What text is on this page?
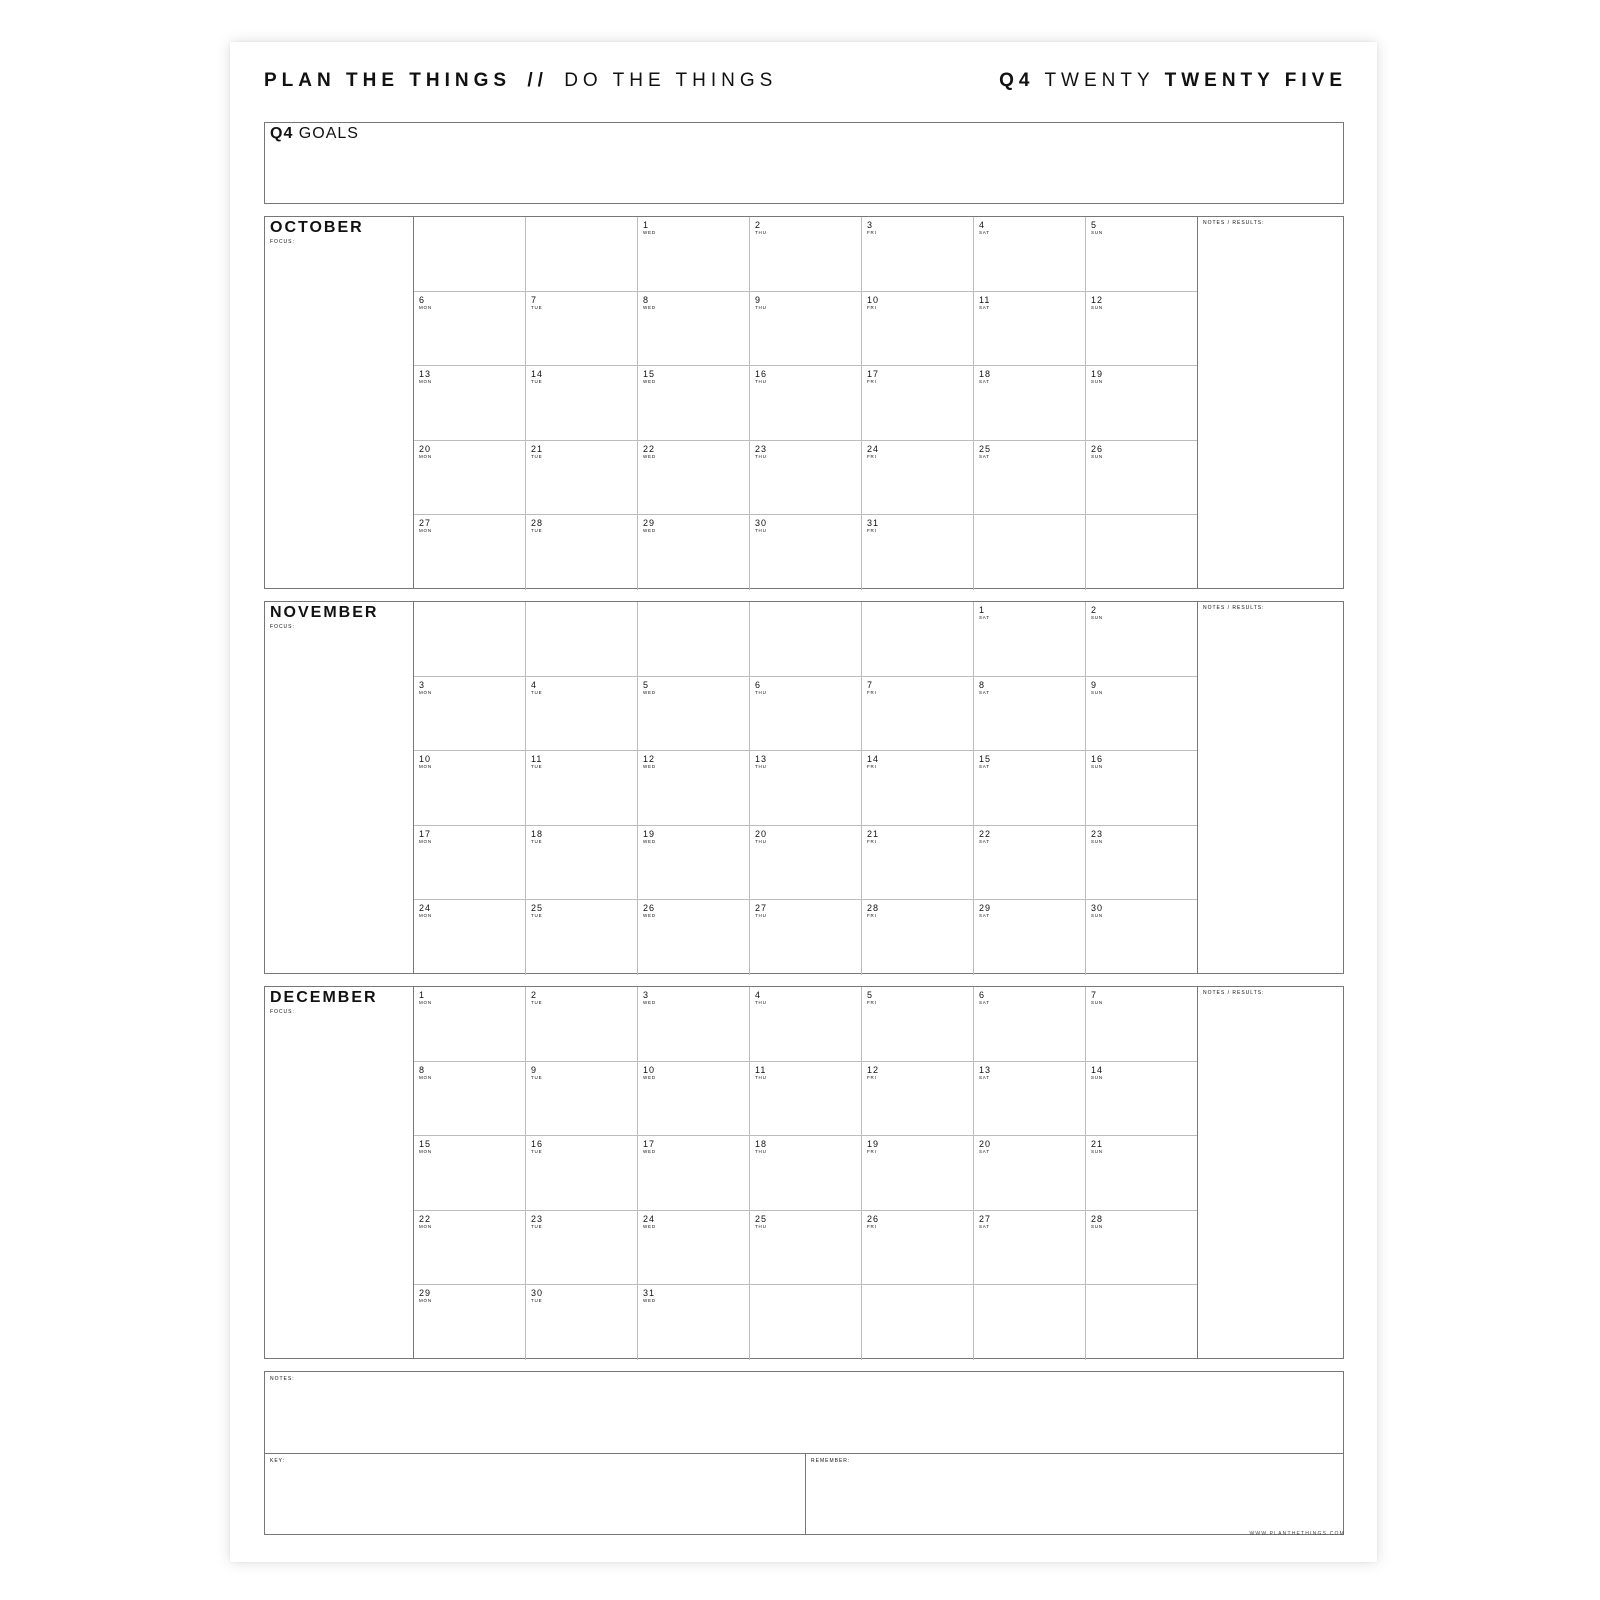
PLAN THE THINGS // DO THE THINGS	Q4 TWENTY TWENTY FIVE
Q4 GOALS
OCTOBER
FOCUS:
1
WED
2
THU
3
FRI
4
SAT
5
SUN
6
MON
7
TUE
8
WED
9
THU
10
FRI
11
SAT
12
SUN
13
MON
14
TUE
15
WED
16
THU
17
FRI
18
SAT
19
SUN
20
MON
21
TUE
22
WED
23
THU
24
FRI
25
SAT
26
SUN
27
MON
28
TUE
29
WED
30
THU
31
FRI
NOTES / RESULTS:
NOVEMBER
FOCUS:
1
SAT
2
SUN
3
MON
4
TUE
5
WED
6
THU
7
FRI
8
SAT
9
SUN
10
MON
11
TUE
12
WED
13
THU
14
FRI
15
SAT
16
SUN
17
MON
18
TUE
19
WED
20
THU
21
FRI
22
SAT
23
SUN
24
MON
25
TUE
26
WED
27
THU
28
FRI
29
SAT
30
SUN
NOTES / RESULTS:
DECEMBER
FOCUS:
1
MON
2
TUE
3
WED
4
THU
5
FRI
6
SAT
7
SUN
8
MON
9
TUE
10
WED
11
THU
12
FRI
13
SAT
14
SUN
15
MON
16
TUE
17
WED
18
THU
19
FRI
20
SAT
21
SUN
22
MON
23
TUE
24
WED
25
THU
26
FRI
27
SAT
28
SUN
29
MON
30
TUE
31
WED
NOTES / RESULTS:
NOTES:
KEY:	REMEMBER:
WWW.PLANTHETHINGS.COM
